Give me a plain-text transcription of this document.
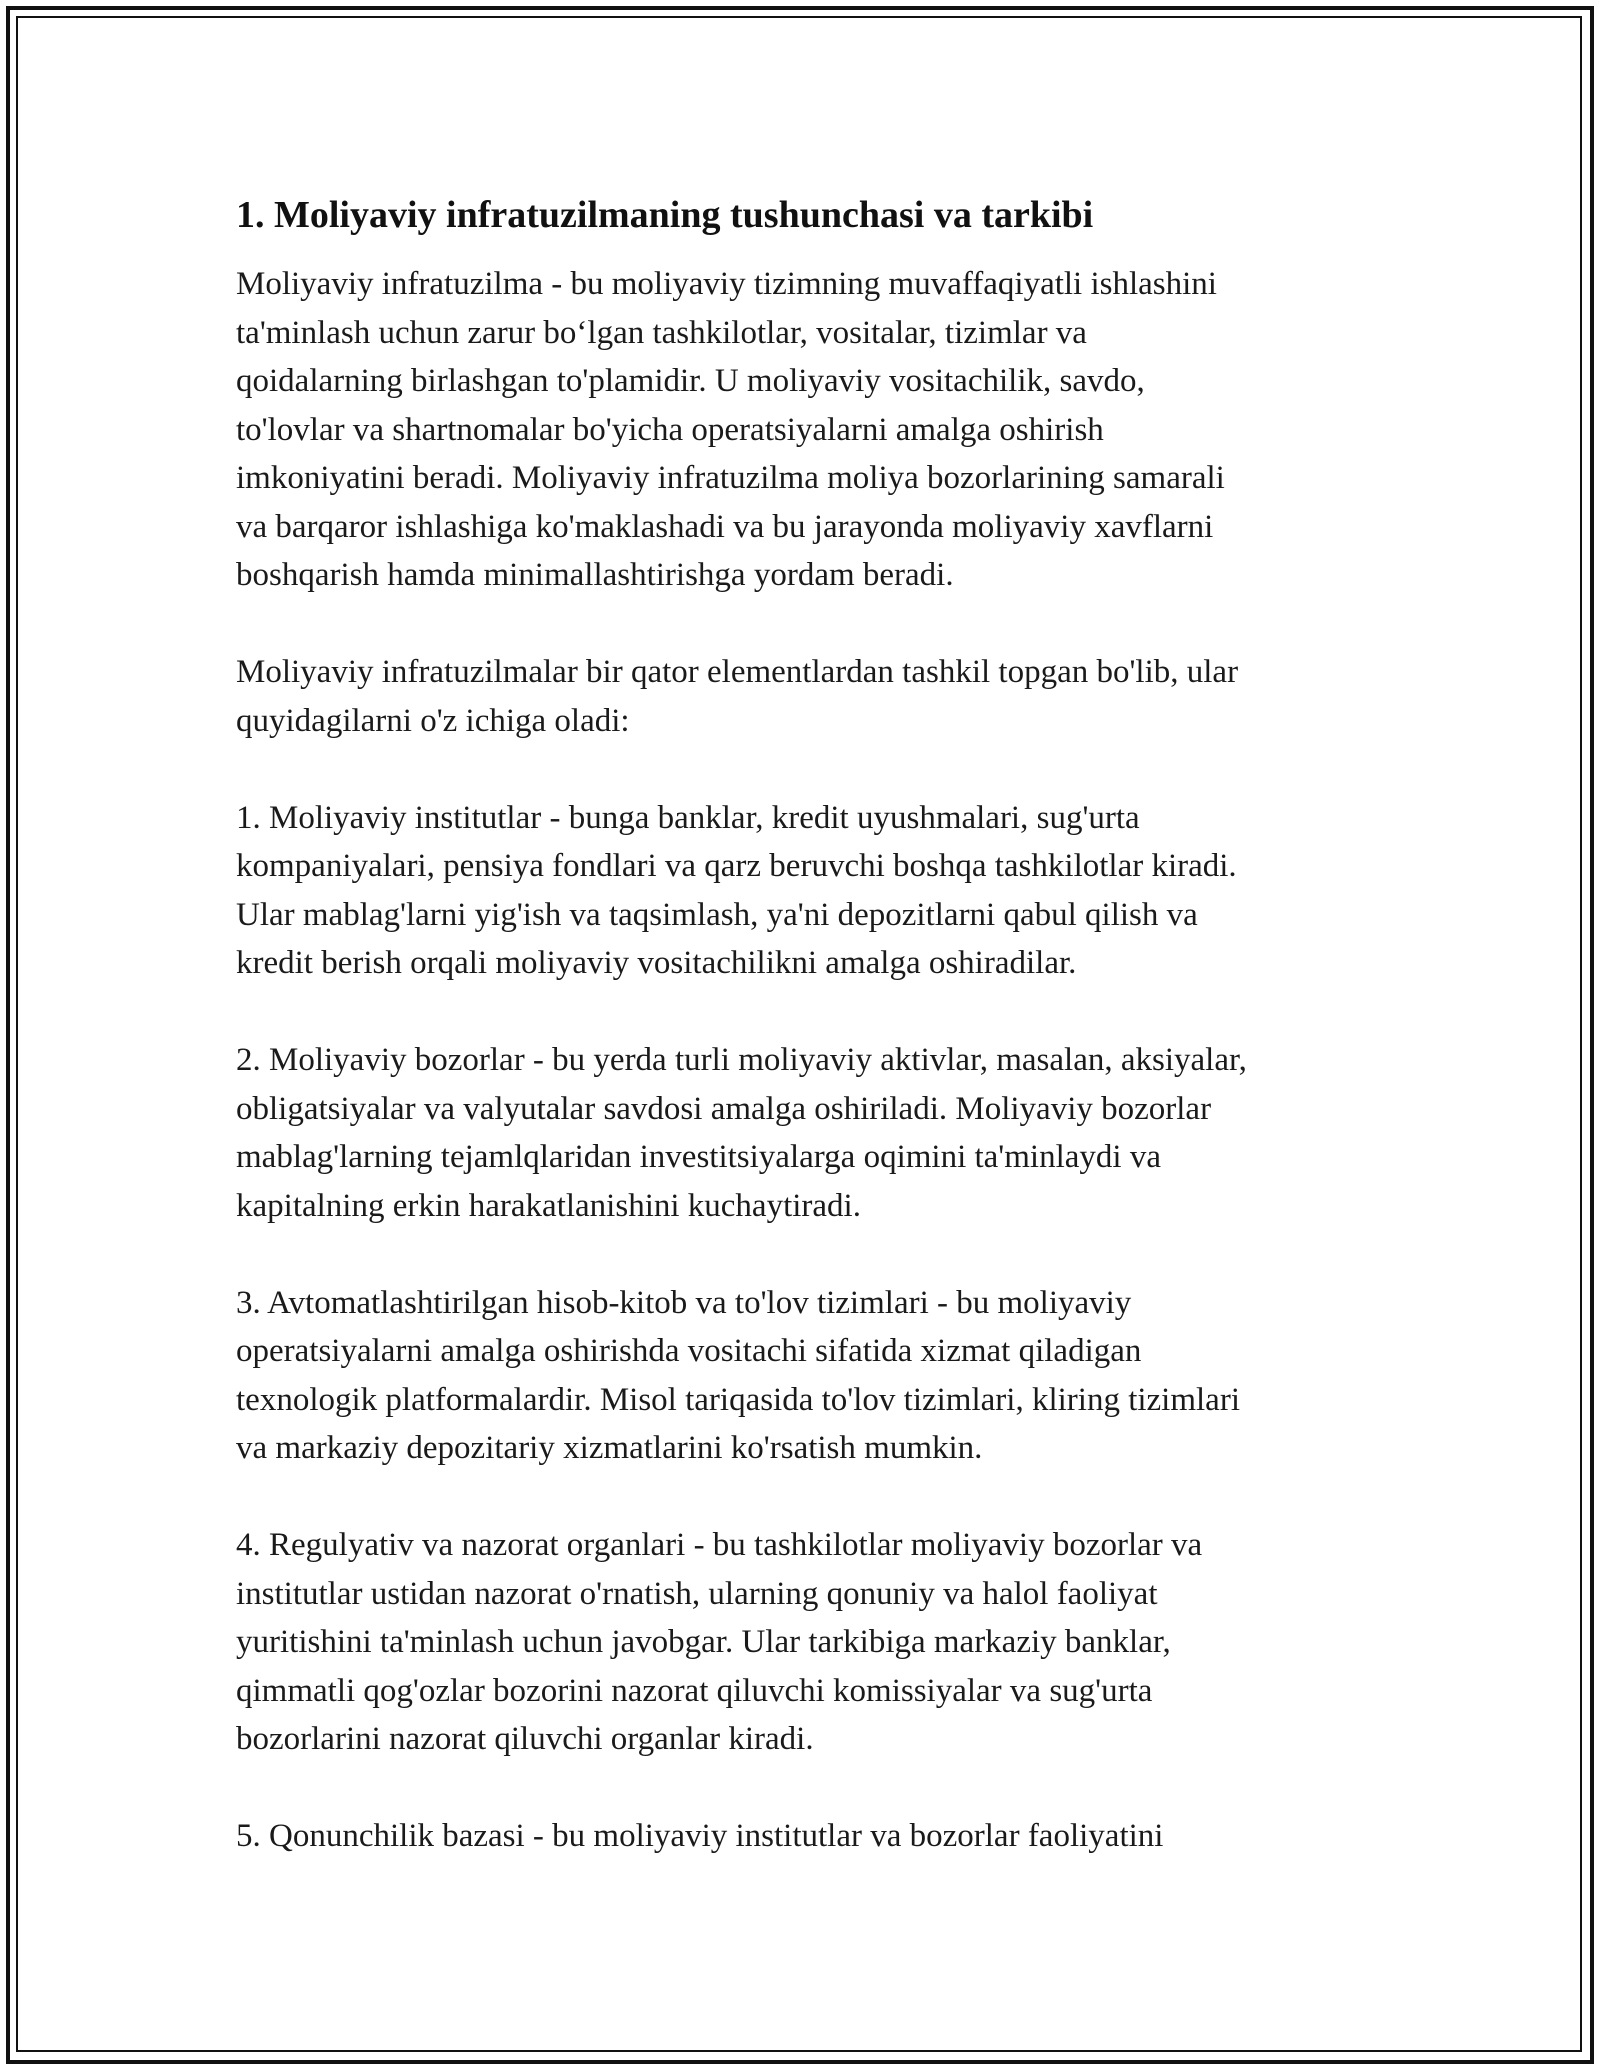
1. Moliyaviy infratuzilmaning tushunchasi va tarkibi

Moliyaviy infratuzilma - bu moliyaviy tizimning muvaffaqiyatli ishlashini
ta'minlash uchun zarur bo‘lgan tashkilotlar, vositalar, tizimlar va
qoidalarning birlashgan to'plamidir. U moliyaviy vositachilik, savdo,
to'lovlar va shartnomalar bo'yicha operatsiyalarni amalga oshirish
imkoniyatini beradi. Moliyaviy infratuzilma moliya bozorlarining samarali
va barqaror ishlashiga ko'maklashadi va bu jarayonda moliyaviy xavflarni
boshqarish hamda minimallashtirishga yordam beradi.

Moliyaviy infratuzilmalar bir qator elementlardan tashkil topgan bo'lib, ular
quyidagilarni o'z ichiga oladi:

1. Moliyaviy institutlar - bunga banklar, kredit uyushmalari, sug'urta
kompaniyalari, pensiya fondlari va qarz beruvchi boshqa tashkilotlar kiradi.
Ular mablag'larni yig'ish va taqsimlash, ya'ni depozitlarni qabul qilish va
kredit berish orqali moliyaviy vositachilikni amalga oshiradilar.

2. Moliyaviy bozorlar - bu yerda turli moliyaviy aktivlar, masalan, aksiyalar,
obligatsiyalar va valyutalar savdosi amalga oshiriladi. Moliyaviy bozorlar
mablag'larning tejamlqlaridan investitsiyalarga oqimini ta'minlaydi va
kapitalning erkin harakatlanishini kuchaytiradi.

3. Avtomatlashtirilgan hisob-kitob va to'lov tizimlari - bu moliyaviy
operatsiyalarni amalga oshirishda vositachi sifatida xizmat qiladigan
texnologik platformalardir. Misol tariqasida to'lov tizimlari, kliring tizimlari
va markaziy depozitariy xizmatlarini ko'rsatish mumkin.

4. Regulyativ va nazorat organlari - bu tashkilotlar moliyaviy bozorlar va
institutlar ustidan nazorat o'rnatish, ularning qonuniy va halol faoliyat
yuritishini ta'minlash uchun javobgar. Ular tarkibiga markaziy banklar,
qimmatli qog'ozlar bozorini nazorat qiluvchi komissiyalar va sug'urta
bozorlarini nazorat qiluvchi organlar kiradi.

5. Qonunchilik bazasi - bu moliyaviy institutlar va bozorlar faoliyatini
